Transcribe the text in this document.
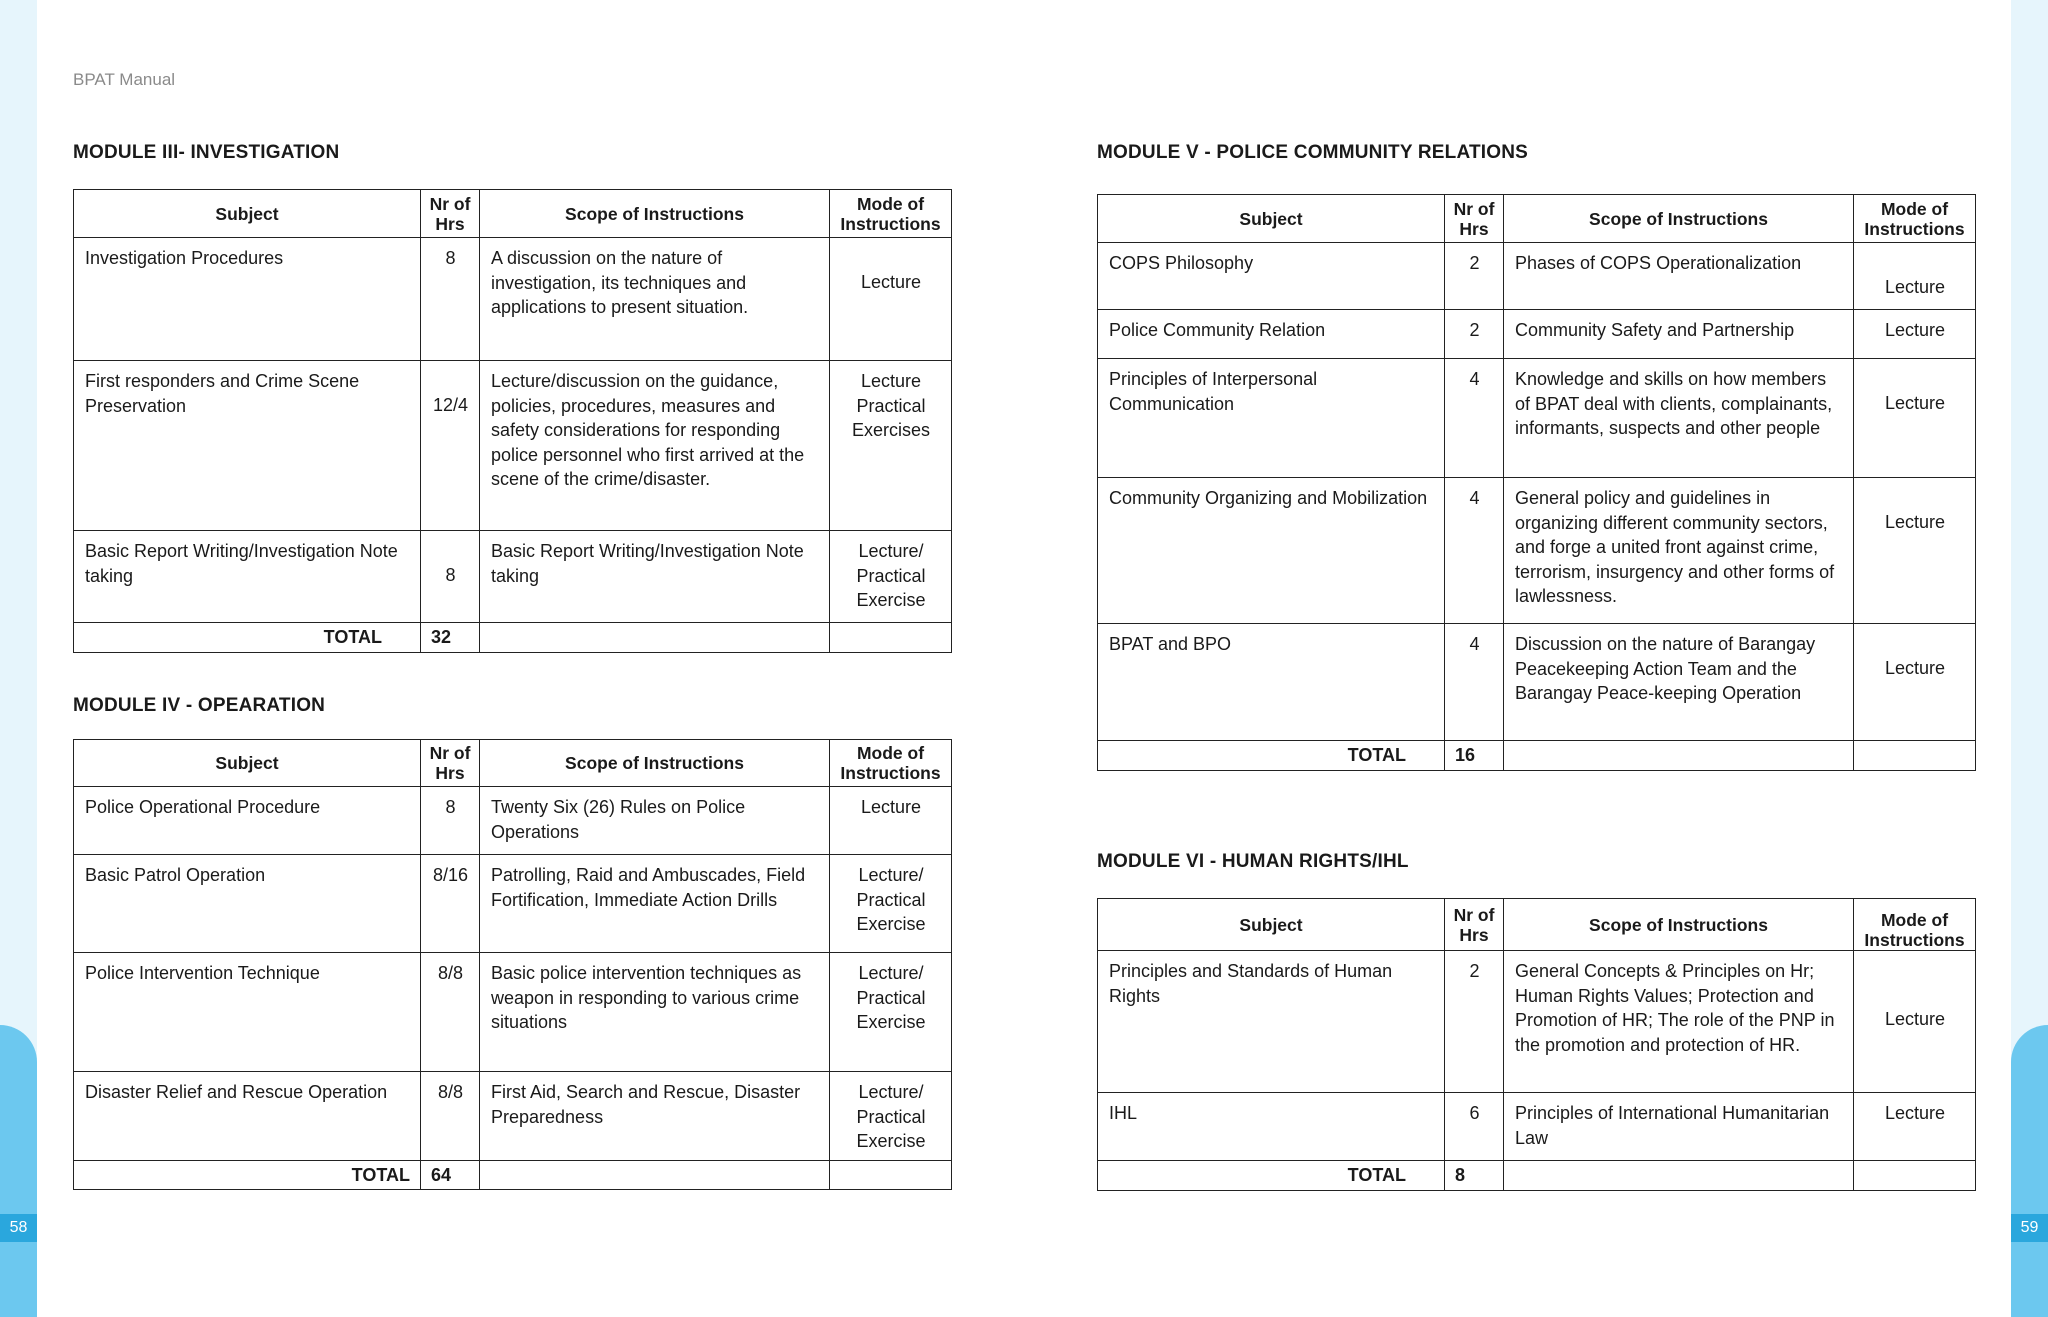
58	59
BPAT Manual
MODULE III- INVESTIGATION
Subject	Nr of Hrs	Scope of Instructions	Mode of Instructions
Investigation Procedures	8	A discussion on the nature of investigation, its techniques and applications to present situation.	Lecture
First responders and Crime Scene Preservation	12/4	Lecture/discussion on the guidance, policies, procedures, measures and safety considerations for responding police personnel who first arrived at the scene of the crime/disaster.	Lecture Practical Exercises
Basic Report Writing/Investigation Note taking	8	Basic Report Writing/Investigation Note taking	Lecture/ Practical Exercise
TOTAL	32		
MODULE IV - OPEARATION
Subject	Nr of Hrs	Scope of Instructions	Mode of Instructions
Police Operational Procedure	8	Twenty Six (26) Rules on Police Operations	Lecture
Basic Patrol Operation	8/16	Patrolling, Raid and Ambuscades, Field Fortification, Immediate Action Drills	Lecture/ Practical Exercise
Police Intervention Technique	8/8	Basic police intervention techniques as weapon in responding to various crime situations	Lecture/ Practical Exercise
Disaster Relief and Rescue Operation	8/8	First Aid, Search and Rescue, Disaster Preparedness	Lecture/ Practical Exercise
TOTAL	64		
MODULE V - POLICE COMMUNITY RELATIONS
Subject	Nr of Hrs	Scope of Instructions	Mode of Instructions
COPS Philosophy	2	Phases of COPS Operationalization	Lecture
Police Community Relation	2	Community Safety and Partnership	Lecture
Principles of Interpersonal Communication	4	Knowledge and skills on how members of BPAT deal with clients, complainants, informants, suspects and other people	Lecture
Community Organizing and Mobilization	4	General policy and guidelines in organizing different community sectors, and forge a united front against crime, terrorism, insurgency and other forms of lawlessness.	Lecture
BPAT and BPO	4	Discussion on the nature of Barangay Peacekeeping Action Team and the Barangay Peace-keeping Operation	Lecture
TOTAL	16		
MODULE VI - HUMAN RIGHTS/IHL
Subject	Nr of Hrs	Scope of Instructions	Mode of Instructions
Principles and Standards of Human Rights	2	General Concepts & Principles on Hr; Human Rights Values; Protection and Promotion of HR; The role of the PNP in the promotion and protection of HR.	Lecture
IHL	6	Principles of International Humanitarian Law	Lecture
TOTAL	8		
